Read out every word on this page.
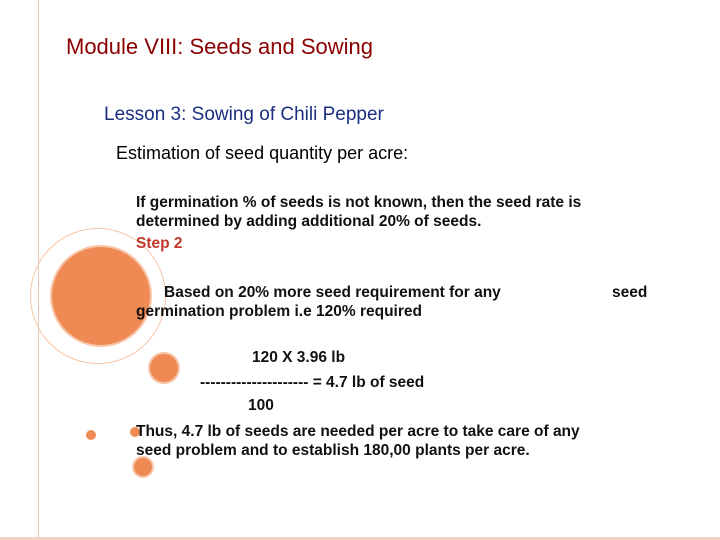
Module VIII: Seeds and Sowing
Lesson 3: Sowing of Chili Pepper
Estimation of seed quantity per acre:
If germination % of seeds is not known, then the seed rate is
determined by adding additional 20% of seeds.
Step 2
Based on 20% more seed requirement for any	seed
germination problem i.e 120% required
120 X 3.96 lb
--------------------- = 4.7 lb of seed
100
Thus, 4.7 lb of seeds are needed per acre to take care of any
seed problem and to establish 180,00 plants per acre.
